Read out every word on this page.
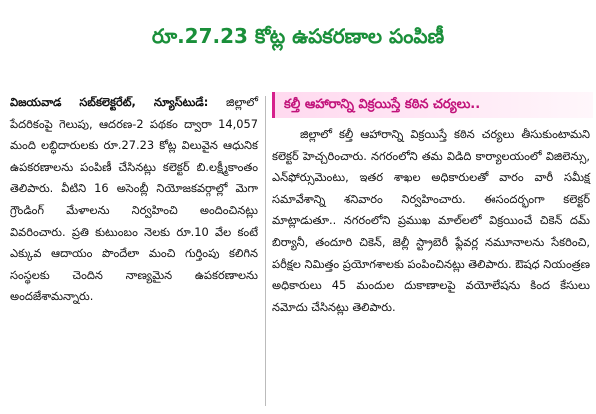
రూ.27.23 కోట్ల ఉపకరణాల పంపిణీ
విజయవాడ సబ్‌కలెక్టరేట్, న్యూస్‌టుడే: జిల్లాలో పేదరికంపై గెలుపు, ఆదరణ-2 పథకం ద్వారా 14,057 మంది లబ్ధిదారులకు రూ.27.23 కోట్ల విలువైన ఆధునిక ఉపకరణాలను పంపిణీ చేసినట్లు కలెక్టర్ బి.లక్ష్మీకాంతం తెలిపారు. వీటిని 16 అసెంబ్లీ నియోజకవర్గాల్లో మెగా గ్రౌండింగ్ మేళాలను నిర్వహించి అందించినట్లు వివరించారు. ప్రతి కుటుంబం నెలకు రూ.10 వేల కంటే ఎక్కువ ఆదాయం పొందేలా మంచి గుర్తింపు కలిగిన సంస్థలకు చెందిన నాణ్యమైన ఉపకరణాలను అందజేశామన్నారు.
కల్తీ ఆహారాన్ని విక్రయిస్తే కఠిన చర్యలు..
జిల్లాలో కల్తీ ఆహారాన్ని విక్రయిస్తే కఠిన చర్యలు తీసుకుంటామని కలెక్టర్ హెచ్చరించారు. నగరంలోని తమ విడిది కార్యాలయంలో విజిలెన్సు, ఎన్‌ఫోర్సుమెంటు, ఇతర శాఖల అధికారులతో వారం వారీ సమీక్ష సమావేశాన్ని శనివారం నిర్వహించారు. ఈసందర్భంగా కలెక్టర్ మాట్లాడుతూ.. నగరంలోని ప్రముఖ మాల్‌లలో విక్రయించే చికెన్ దమ్ బిర్యానీ, తందూరి చికెన్, జెల్లీ స్ట్రాబెరీ ఫ్లేవర్ల నమూనాలను సేకరించి, పరీక్షల నిమిత్తం ప్రయోగశాలకు పంపించినట్లు తెలిపారు. ఔషధ నియంత్రణ అధికారులు 45 మందుల దుకాణాలపై వయోలేషను కింద కేసులు నమోదు చేసినట్లు తెలిపారు.
